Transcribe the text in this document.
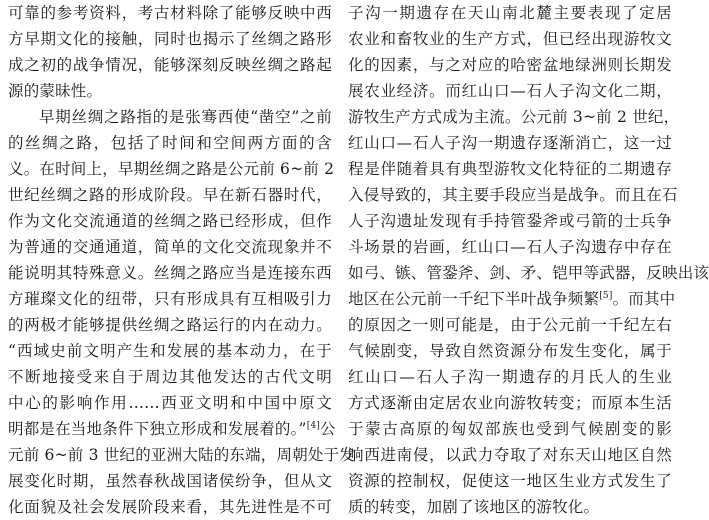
可靠的参考资料，考古材料除了能够反映中西
方早期文化的接触，同时也揭示了丝绸之路形
成之初的战争情况，能够深刻反映丝绸之路起
源的蒙昧性。
早期丝绸之路指的是张骞西使“凿空”之前
的丝绸之路，包括了时间和空间两方面的含
义。在时间上，早期丝绸之路是公元前 6~前 2
世纪丝绸之路的形成阶段。早在新石器时代，
作为文化交流通道的丝绸之路已经形成，但作
为普通的交通通道，简单的文化交流现象并不
能说明其特殊意义。丝绸之路应当是连接东西
方璀璨文化的纽带，只有形成具有互相吸引力
的两极才能够提供丝绸之路运行的内在动力。
“西域史前文明产生和发展的基本动力，在于
不断地接受来自于周边其他发达的古代文明
中心的影响作用……西亚文明和中国中原文
明都是在当地条件下独立形成和发展着的。”[4]公
元前 6~前 3 世纪的亚洲大陆的东端，周朝处于发
展变化时期，虽然春秋战国诸侯纷争，但从文
化面貌及社会发展阶段来看，其先进性是不可
子沟一期遗存在天山南北麓主要表现了定居
农业和畜牧业的生产方式，但已经出现游牧文
化的因素，与之对应的哈密盆地绿洲则长期发
展农业经济。而红山口—石人子沟文化二期，
游牧生产方式成为主流。公元前 3~前 2 世纪，
红山口—石人子沟一期遗存逐渐消亡，这一过
程是伴随着具有典型游牧文化特征的二期遗存
入侵导致的，其主要手段应当是战争。而且在石
人子沟遗址发现有手持管銎斧或弓箭的士兵争
斗场景的岩画，红山口—石人子沟遗存中存在
如弓、镞、管銎斧、剑、矛、铠甲等武器，反映出该
地区在公元前一千纪下半叶战争频繁[5]。而其中
的原因之一则可能是，由于公元前一千纪左右
气候剧变，导致自然资源分布发生变化，属于
红山口—石人子沟一期遗存的月氏人的生业
方式逐渐由定居农业向游牧转变；而原本生活
于蒙古高原的匈奴部族也受到气候剧变的影
响西进南侵，以武力夺取了对东天山地区自然
资源的控制权，促使这一地区生业方式发生了
质的转变，加剧了该地区的游牧化。
